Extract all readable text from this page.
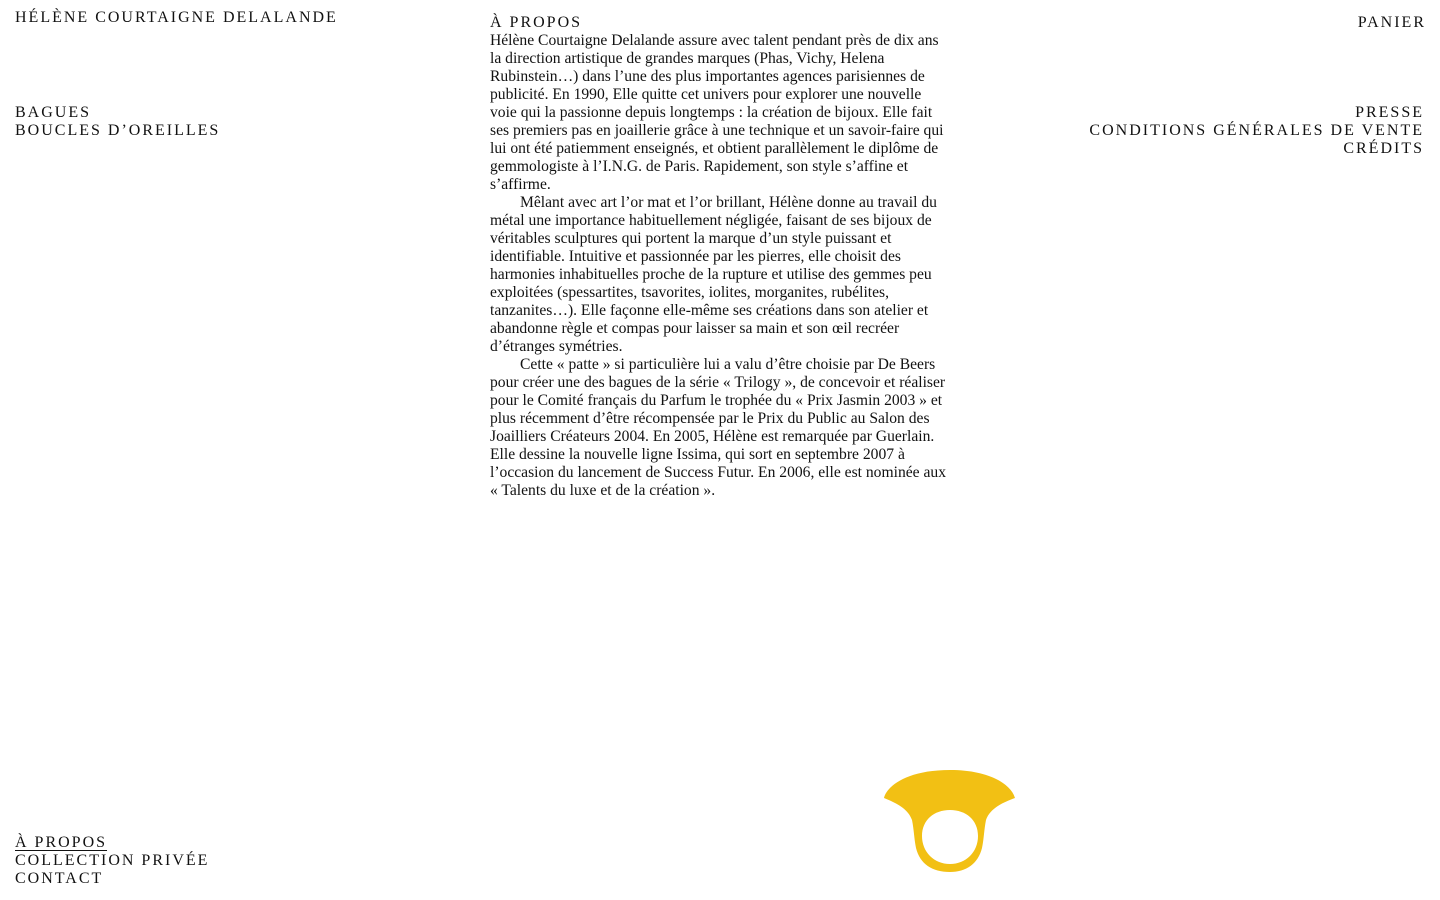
HÉLÈNE COURTAIGNE DELALANDE
BAGUES
BOUCLES D’OREILLES
PANIER
PRESSE
CONDITIONS GÉNÉRALES DE VENTE
CRÉDITS
À PROPOS

Hélène Courtaigne Delalande assure avec talent pendant près de dix ans la direction artistique de grandes marques (Phas, Vichy, Helena Rubinstein…) dans l’une des plus importantes agences parisiennes de publicité. En 1990, Elle quitte cet univers pour explorer une nouvelle voie qui la passionne depuis longtemps : la création de bijoux. Elle fait ses premiers pas en joaillerie grâce à une technique et un savoir-faire qui lui ont été patiemment enseignés, et obtient parallèlement le diplôme de gemmologiste à l’I.N.G. de Paris. Rapidement, son style s’affine et s’affirme.

Mêlant avec art l’or mat et l’or brillant, Hélène donne au travail du métal une importance habituellement négligée, faisant de ses bijoux de véritables sculptures qui portent la marque d’un style puissant et identifiable. Intuitive et passionnée par les pierres, elle choisit des harmonies inhabituelles proche de la rupture et utilise des gemmes peu exploitées (spessartites, tsavorites, iolites, morganites, rubélites, tanzanites…). Elle façonne elle-même ses créations dans son atelier et abandonne règle et compas pour laisser sa main et son œil recréer d’étranges symétries.

Cette « patte » si particulière lui a valu d’être choisie par De Beers pour créer une des bagues de la série « Trilogy », de concevoir et réaliser pour le Comité français du Parfum le trophée du « Prix Jasmin 2003 » et plus récemment d’être récompensée par le Prix du Public au Salon des Joailliers Créateurs 2004. En 2005, Hélène est remarquée par Guerlain. Elle dessine la nouvelle ligne Issima, qui sort en septembre 2007 à l’occasion du lancement de Success Futur. En 2006, elle est nominée aux « Talents du luxe et de la création ».

À PROPOS
COLLECTION PRIVÉE
CONTACT
